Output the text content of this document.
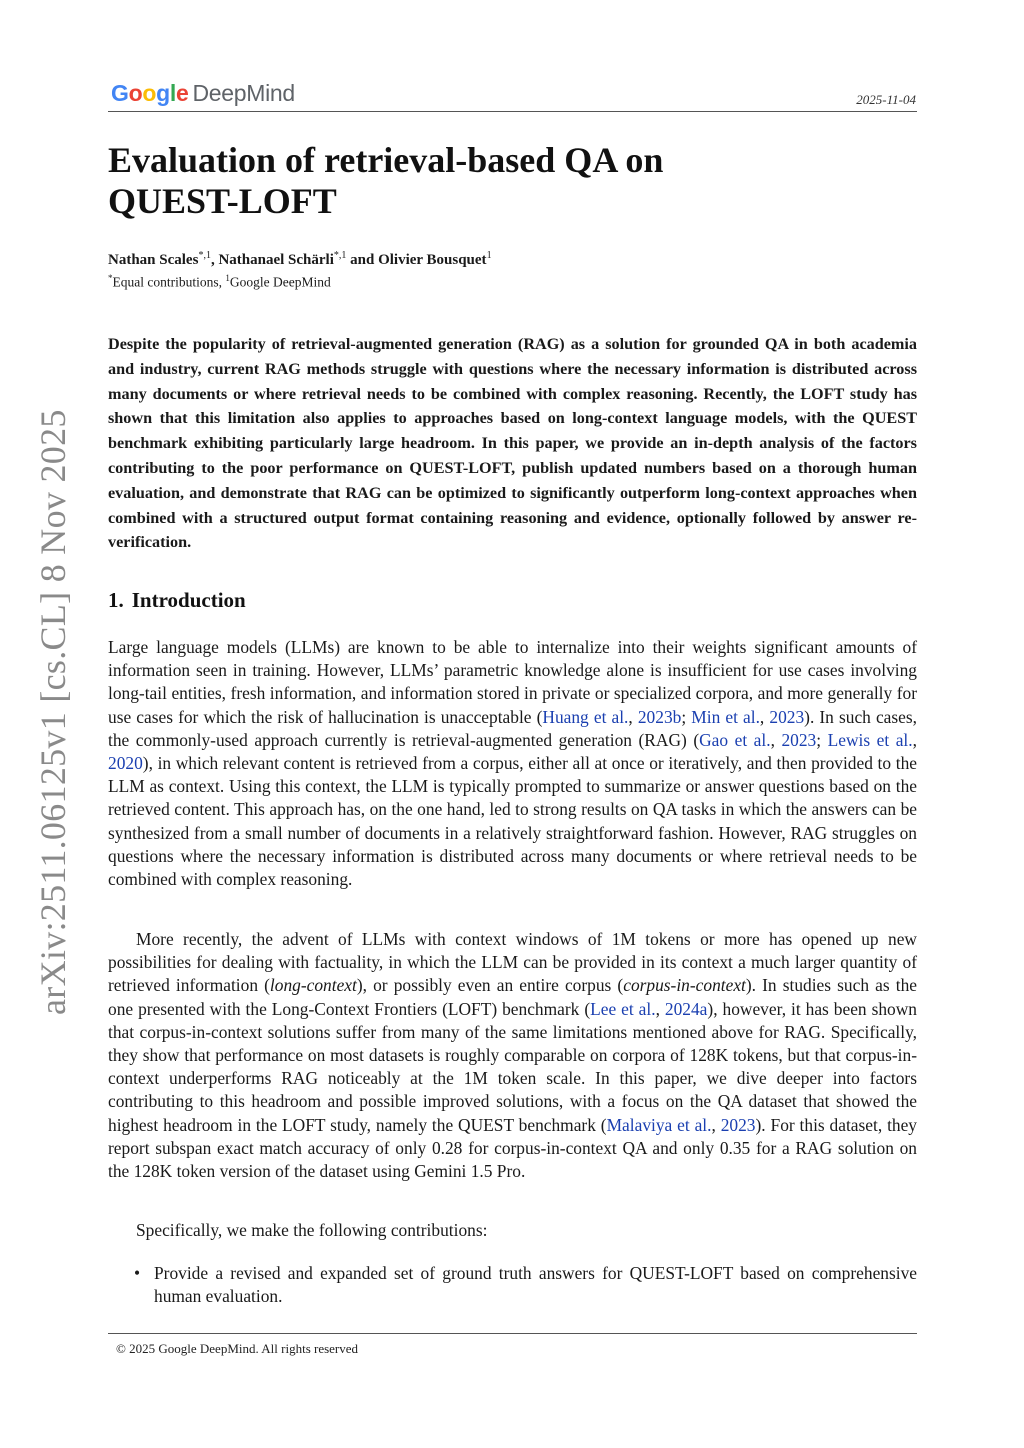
Google DeepMind	2025-11-04
Evaluation of retrieval-based QA on
QUEST-LOFT
Nathan Scales$^{*,1}$, Nathanael Schärli$^{*,1}$ and Olivier Bousquet$^1$
*Equal contributions, $^1$Google DeepMind

Despite the popularity of retrieval-augmented generation (RAG) as a solution for grounded QA in both academia and industry, current RAG methods struggle with questions where the necessary information is distributed across many documents or where retrieval needs to be combined with complex reasoning. Recently, the LOFT study has shown that this limitation also applies to approaches based on long-context language models, with the QUEST benchmark exhibiting particularly large headroom. In this paper, we provide an in-depth analysis of the factors contributing to the poor performance on QUEST-LOFT, publish updated numbers based on a thorough human evaluation, and demonstrate that RAG can be optimized to significantly outperform long-context approaches when combined with a structured output format containing reasoning and evidence, optionally followed by answer re-verification.

arXiv:2511.06125v1 [cs.CL] 8 Nov 2025 1. Introduction

Large language models (LLMs) are known to be able to internalize into their weights significant amounts of information seen in training. However, LLMs’ parametric knowledge alone is insufficient for use cases involving long-tail entities, fresh information, and information stored in private or specialized corpora, and more generally for use cases for which the risk of hallucination is unacceptable (Huang et al., 2023b; Min et al., 2023). In such cases, the commonly-used approach currently is retrieval-augmented generation (RAG) (Gao et al., 2023; Lewis et al., 2020), in which relevant content is retrieved from a corpus, either all at once or iteratively, and then provided to the LLM as context. Using this context, the LLM is typically prompted to summarize or answer questions based on the retrieved content. This approach has, on the one hand, led to strong results on QA tasks in which the answers can be synthesized from a small number of documents in a relatively straightforward fashion. However, RAG struggles on questions where the necessary information is distributed across many documents or where retrieval needs to be combined with complex reasoning.

More recently, the advent of LLMs with context windows of 1M tokens or more has opened up new possibilities for dealing with factuality, in which the LLM can be provided in its context a much larger quantity of retrieved information (long-context), or possibly even an entire corpus (corpus-in-context). In studies such as the one presented with the Long-Context Frontiers (LOFT) benchmark (Lee et al., 2024a), however, it has been shown that corpus-in-context solutions suffer from many of the same limitations mentioned above for RAG. Specifically, they show that performance on most datasets is roughly comparable on corpora of 128K tokens, but that corpus-in-context underperforms RAG noticeably at the 1M token scale. In this paper, we dive deeper into factors contributing to this headroom and possible improved solutions, with a focus on the QA dataset that showed the highest headroom in the LOFT study, namely the QUEST benchmark (Malaviya et al., 2023). For this dataset, they report subspan exact match accuracy of only 0.28 for corpus-in-context QA and only 0.35 for a RAG solution on the 128K token version of the dataset using Gemini 1.5 Pro.

Specifically, we make the following contributions:

• Provide a revised and expanded set of ground truth answers for QUEST-LOFT based on comprehensive human evaluation.
© 2025 Google DeepMind. All rights reserved
